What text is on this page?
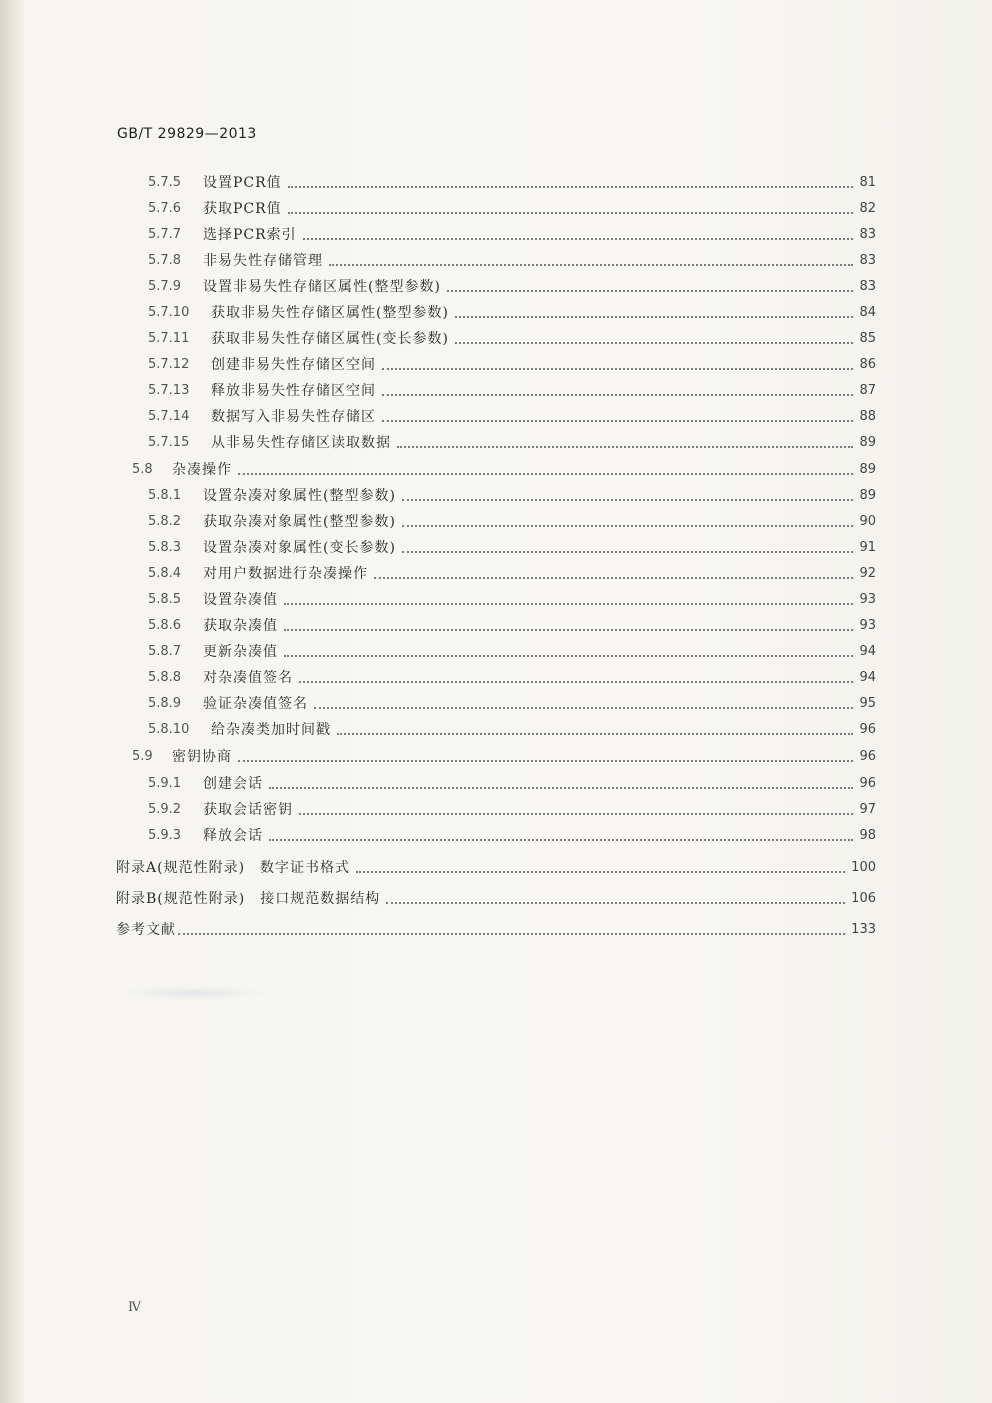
GB/T 29829—2013
5.7.5	设置PCR值	81
5.7.6	获取PCR值	82
5.7.7	选择PCR索引	83
5.7.8	非易失性存储管理	83
5.7.9	设置非易失性存储区属性(整型参数)	83
5.7.10	获取非易失性存储区属性(整型参数)	84
5.7.11	获取非易失性存储区属性(变长参数)	85
5.7.12	创建非易失性存储区空间	86
5.7.13	释放非易失性存储区空间	87
5.7.14	数据写入非易失性存储区	88
5.7.15	从非易失性存储区读取数据	89
5.8	杂凑操作	89
5.8.1	设置杂凑对象属性(整型参数)	89
5.8.2	获取杂凑对象属性(整型参数)	90
5.8.3	设置杂凑对象属性(变长参数)	91
5.8.4	对用户数据进行杂凑操作	92
5.8.5	设置杂凑值	93
5.8.6	获取杂凑值	93
5.8.7	更新杂凑值	94
5.8.8	对杂凑值签名	94
5.8.9	验证杂凑值签名	95
5.8.10	给杂凑类加时间戳	96
5.9	密钥协商	96
5.9.1	创建会话	96
5.9.2	获取会话密钥	97
5.9.3	释放会话	98
附录A (规范性附录)　数字证书格式	100
附录B (规范性附录)　接口规范数据结构	106
参考文献	133
Ⅳ
